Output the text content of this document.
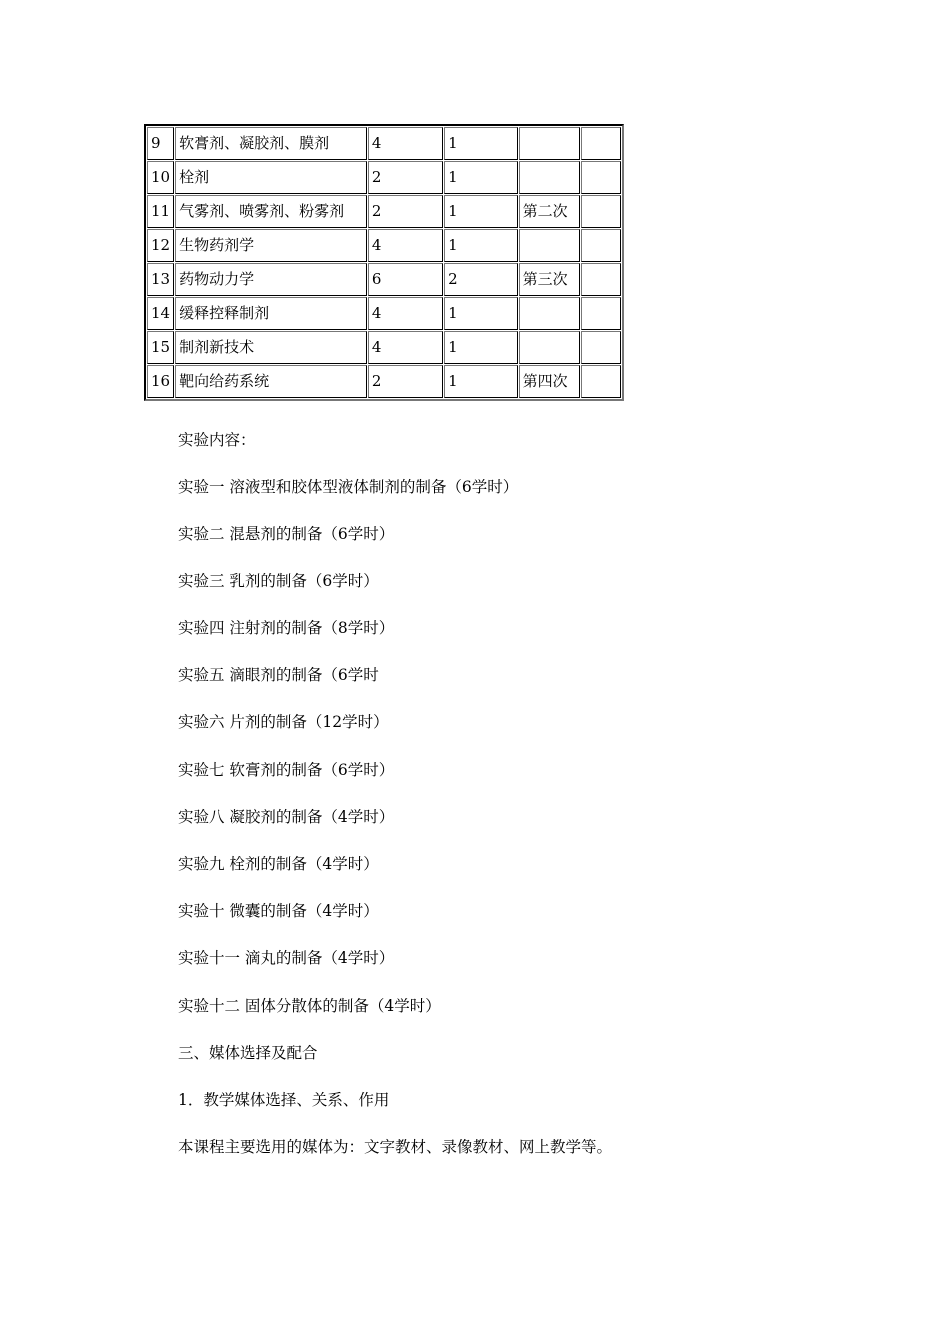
9	软膏剂、凝胶剂、膜剂	4	1		
10	栓剂	2	1		
11	气雾剂、喷雾剂、粉雾剂	2	1	第二次	
12	生物药剂学	4	1		
13	药物动力学	6	2	第三次	
14	缓释控释制剂	4	1		
15	制剂新技术	4	1		
16	靶向给药系统	2	1	第四次	
实验内容：
实验一 溶液型和胶体型液体制剂的制备（6学时）
实验二 混悬剂的制备（6学时）
实验三 乳剂的制备（6学时）
实验四 注射剂的制备（8学时）
实验五 滴眼剂的制备（6学时
实验六 片剂的制备（12学时）
实验七 软膏剂的制备（6学时）
实验八 凝胶剂的制备（4学时）
实验九 栓剂的制备（4学时）
实验十 微囊的制备（4学时）
实验十一 滴丸的制备（4学时）
实验十二 固体分散体的制备（4学时）
三、媒体选择及配合
1．教学媒体选择、关系、作用
本课程主要选用的媒体为：文字教材、录像教材、网上教学等。
